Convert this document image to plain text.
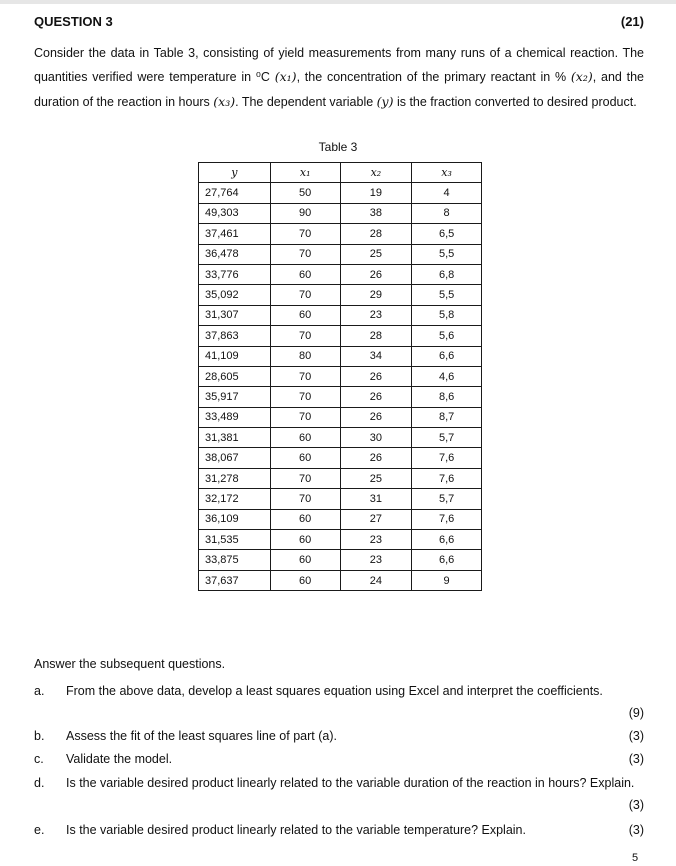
QUESTION 3	(21)
Consider the data in Table 3, consisting of yield measurements from many runs of a chemical reaction. The quantities verified were temperature in ⁰C (x₁), the concentration of the primary reactant in % (x₂), and the duration of the reaction in hours (x₃). The dependent variable (y) is the fraction converted to desired product.
Table 3
y	x₁	x₂	x₃
27,764	50	19	4
49,303	90	38	8
37,461	70	28	6,5
36,478	70	25	5,5
33,776	60	26	6,8
35,092	70	29	5,5
31,307	60	23	5,8
37,863	70	28	5,6
41,109	80	34	6,6
28,605	70	26	4,6
35,917	70	26	8,6
33,489	70	26	8,7
31,381	60	30	5,7
38,067	60	26	7,6
31,278	70	25	7,6
32,172	70	31	5,7
36,109	60	27	7,6
31,535	60	23	6,6
33,875	60	23	6,6
37,637	60	24	9
Answer the subsequent questions.
a. From the above data, develop a least squares equation using Excel and interpret the coefficients.
(9)
b. Assess the fit of the least squares line of part (a).	(3)
c. Validate the model.	(3)
d. Is the variable desired product linearly related to the variable duration of the reaction in hours? Explain.
(3)
e. Is the variable desired product linearly related to the variable temperature? Explain.	(3)
5
